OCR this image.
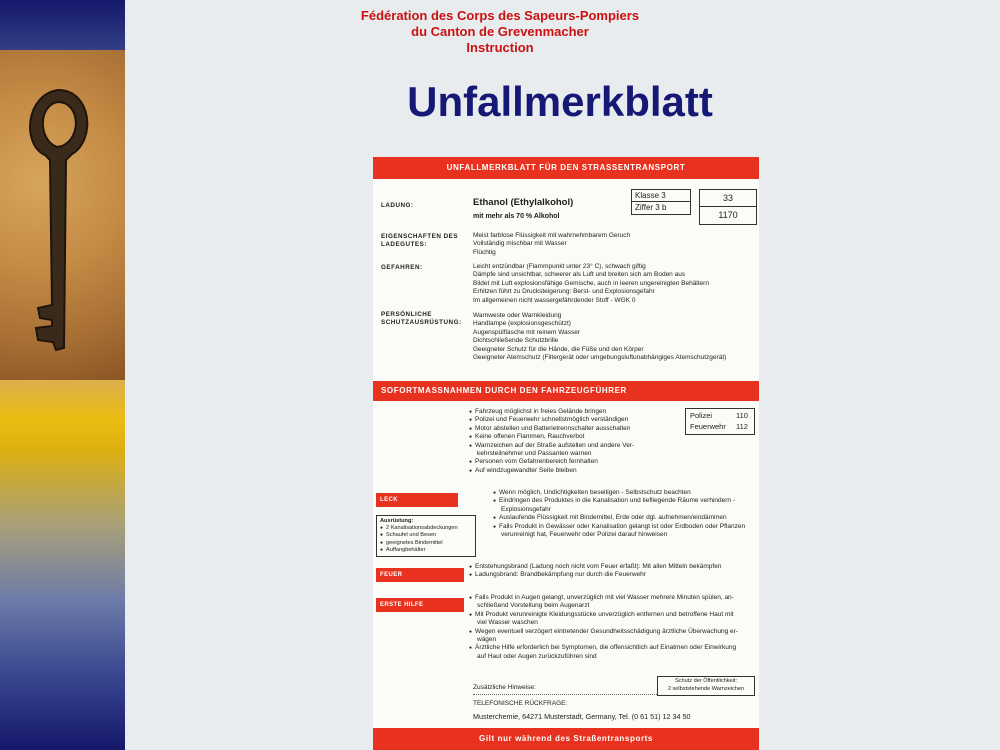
Fédération des Corps des Sapeurs-Pompiers
du Canton de Grevenmacher
Instruction
Unfallmerkblatt
UNFALLMERKBLATT FÜR DEN STRASSENTRANSPORT
LADUNG:	Ethanol (Ethylalkohol)
mit mehr als 70 % Alkohol
Klasse 3
Ziffer 3 b
33
1170
EIGENSCHAFTEN DES
LADEGUTES:
Meist farblose Flüssigkeit mit wahrnehmbarem Geruch
Vollständig mischbar mit Wasser
Flüchtig
GEFAHREN:	Leicht entzündbar (Flammpunkt unter 23° C), schwach giftig
Dämpfe sind unsichtbar, schwerer als Luft und breiten sich am Boden aus
Bildet mit Luft explosionsfähige Gemische, auch in leeren ungereinigten Behältern
Erhitzen führt zu Drucksteigerung: Berst- und Explosionsgefahr
Im allgemeinen nicht wassergefährdender Stoff - WGK 0
PERSÖNLICHE
SCHUTZAUSRÜSTUNG:
Warnweste oder Warnkleidung
Handlampe (explosionsgeschützt)
Augenspülflasche mit reinem Wasser
Dichtschließende Schutzbrille
Geeigneter Schutz für die Hände, die Füße und den Körper
Geeigneter Atemschutz (Filtergerät oder umgebungsluftunabhängiges Atemschutzgerät)
SOFORTMASSNAHMEN DURCH DEN FAHRZEUGFÜHRER
● Fahrzeug möglichst in freies Gelände bringen
● Polizei und Feuerwehr schnellstmöglich verständigen
● Motor abstellen und Batterietrennschalter ausschalten
● Keine offenen Flammen, Rauchverbot
● Warnzeichen auf der Straße aufstellen und andere Ver-
kehrsteilnehmer und Passanten warnen
● Personen vom Gefahrenbereich fernhalten
● Auf windzugewandter Seite bleiben
Polizei	110
Feuerwehr 112
LECK
● Wenn möglich, Undichtigkeiten beseitigen - Selbstschutz beachten
● Eindringen des Produktes in die Kanalisation und tiefliegende Räume verhindern -
Explosionsgefahr
● Auslaufende Flüssigkeit mit Bindemittel, Erde oder dgl. aufnehmen/eindämmen
● Falls Produkt in Gewässer oder Kanalisation gelangt ist oder Erdboden oder Pflanzen
verunreinigt hat, Feuerwehr oder Polizei darauf hinweisen
Ausrüstung:
● 2 Kanalisationsabdeckungen
● Schaufel und Besen
● geeignetes Bindemittel
● Auffangbehälter
FEUER
● Entstehungsbrand (Ladung noch nicht vom Feuer erfaßt): Mit allen Mitteln bekämpfen
● Ladungsbrand: Brandbekämpfung nur durch die Feuerwehr
ERSTE HILFE
● Falls Produkt in Augen gelangt, unverzüglich mit viel Wasser mehrere Minuten spülen, an-
schließend Vorstellung beim Augenarzt
● Mit Produkt verunreinigte Kleidungsstücke unverzüglich entfernen und betroffene Haut mit
viel Wasser waschen
● Wegen eventuell verzögert eintretender Gesundheitsschädigung ärztliche Überwachung er-
wägen
● Ärztliche Hilfe erforderlich bei Symptomen, die offensichtlich auf Einatmen oder Einwirkung
auf Haut oder Augen zurückzuführen sind
Zusätzliche Hinweise:
Schutz der Öffentlichkeit:
2 selbststehende Warnzeichen
TELEFONISCHE RÜCKFRAGE:
Musterchemie, 64271 Musterstadt, Germany, Tel. (0 61 51) 12 34 50
Gilt nur während des Straßentransports
